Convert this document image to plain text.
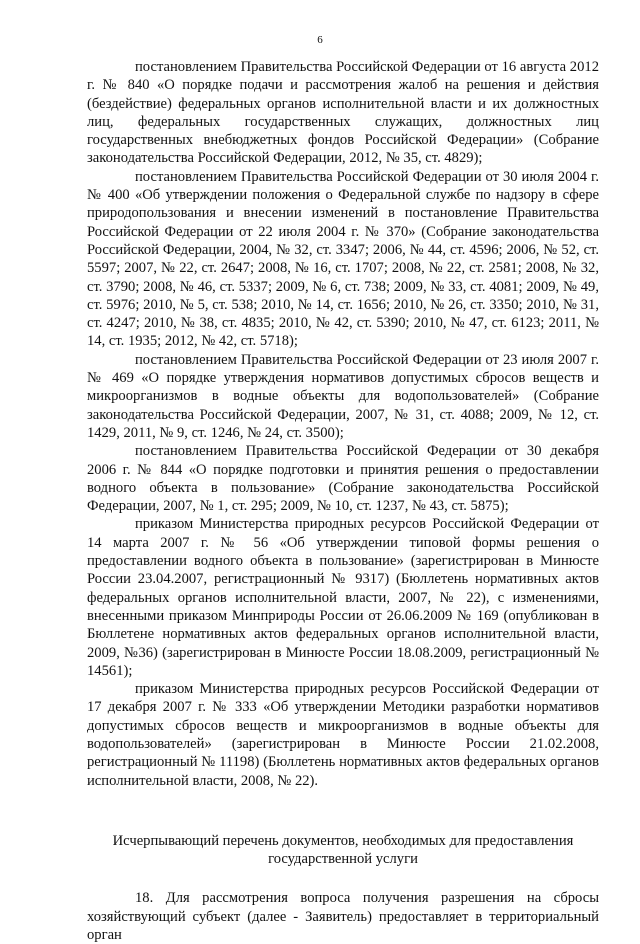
6

постановлением Правительства Российской Федерации от 16 августа 2012 г. № 840 «О порядке подачи и рассмотрения жалоб на решения и действия (бездействие) федеральных органов исполнительной власти и их должностных лиц, федеральных государственных служащих, должностных лиц государственных внебюджетных фондов Российской Федерации» (Собрание законодательства Российской Федерации, 2012, № 35, ст. 4829);

постановлением Правительства Российской Федерации от 30 июля 2004 г. № 400 «Об утверждении положения о Федеральной службе по надзору в сфере природопользования и внесении изменений в постановление Правительства Российской Федерации от 22 июля 2004 г. № 370» (Собрание законодательства Российской Федерации, 2004, № 32, ст. 3347; 2006, № 44, ст. 4596; 2006, № 52, ст. 5597; 2007, № 22, ст. 2647; 2008, № 16, ст. 1707; 2008, № 22, ст. 2581; 2008, № 32, ст. 3790; 2008, № 46, ст. 5337; 2009, № 6, ст. 738; 2009, № 33, ст. 4081; 2009, № 49, ст. 5976; 2010, № 5, ст. 538; 2010, № 14, ст. 1656; 2010, № 26, ст. 3350; 2010, № 31, ст. 4247; 2010, № 38, ст. 4835; 2010, № 42, ст. 5390; 2010, № 47, ст. 6123; 2011, № 14, ст. 1935; 2012, № 42, ст. 5718);

постановлением Правительства Российской Федерации от 23 июля 2007 г. № 469 «О порядке утверждения нормативов допустимых сбросов веществ и микроорганизмов в водные объекты для водопользователей» (Собрание законодательства Российской Федерации, 2007, № 31, ст. 4088; 2009, № 12, ст. 1429, 2011, № 9, ст. 1246, № 24, ст. 3500);

постановлением Правительства Российской Федерации от 30 декабря 2006 г. № 844 «О порядке подготовки и принятия решения о предоставлении водного объекта в пользование» (Собрание законодательства Российской Федерации, 2007, № 1, ст. 295; 2009, № 10, ст. 1237, № 43, ст. 5875);

приказом Министерства природных ресурсов Российской Федерации от 14 марта 2007 г. № 56 «Об утверждении типовой формы решения о предоставлении водного объекта в пользование» (зарегистрирован в Минюсте России 23.04.2007, регистрационный № 9317) (Бюллетень нормативных актов федеральных органов исполнительной власти, 2007, № 22), с изменениями, внесенными приказом Минприроды России от 26.06.2009 № 169 (опубликован в Бюллетене нормативных актов федеральных органов исполнительной власти, 2009, №36) (зарегистрирован в Минюсте России 18.08.2009, регистрационный № 14561);

приказом Министерства природных ресурсов Российской Федерации от 17 декабря 2007 г. № 333 «Об утверждении Методики разработки нормативов допустимых сбросов веществ и микроорганизмов в водные объекты для водопользователей» (зарегистрирован в Минюсте России 21.02.2008, регистрационный № 11198) (Бюллетень нормативных актов федеральных органов исполнительной власти, 2008, № 22).

Исчерпывающий перечень документов, необходимых для предоставления
государственной услуги

18. Для рассмотрения вопроса получения разрешения на сбросы хозяйствующий субъект (далее - Заявитель) предоставляет в территориальный орган
